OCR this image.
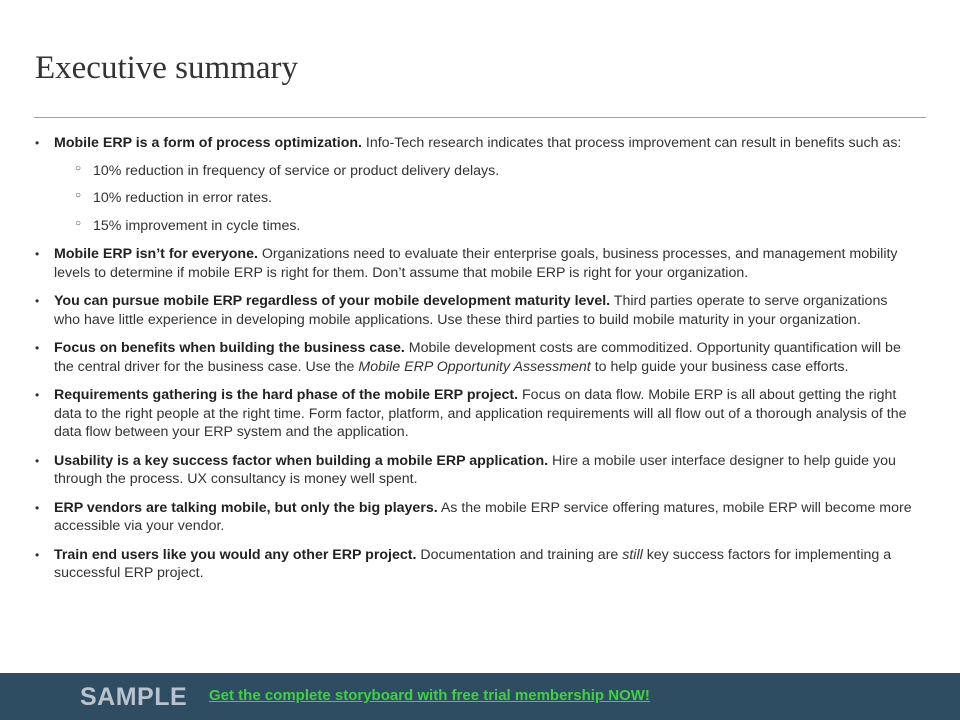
Executive summary
• Mobile ERP is a form of process optimization. Info-Tech research indicates that process improvement can result in benefits such as:
○ 10% reduction in frequency of service or product delivery delays.
○ 10% reduction in error rates.
○ 15% improvement in cycle times.
• Mobile ERP isn’t for everyone. Organizations need to evaluate their enterprise goals, business processes, and management mobility levels to determine if mobile ERP is right for them. Don’t assume that mobile ERP is right for your organization.
• You can pursue mobile ERP regardless of your mobile development maturity level. Third parties operate to serve organizations who have little experience in developing mobile applications. Use these third parties to build mobile maturity in your organization.
• Focus on benefits when building the business case. Mobile development costs are commoditized. Opportunity quantification will be the central driver for the business case. Use the Mobile ERP Opportunity Assessment to help guide your business case efforts.
• Requirements gathering is the hard phase of the mobile ERP project. Focus on data flow. Mobile ERP is all about getting the right data to the right people at the right time. Form factor, platform, and application requirements will all flow out of a thorough analysis of the data flow between your ERP system and the application.
• Usability is a key success factor when building a mobile ERP application. Hire a mobile user interface designer to help guide you through the process. UX consultancy is money well spent.
• ERP vendors are talking mobile, but only the big players. As the mobile ERP service offering matures, mobile ERP will become more accessible via your vendor.
• Train end users like you would any other ERP project. Documentation and training are still key success factors for implementing a successful ERP project.
SAMPLE Get the complete storyboard with free trial membership NOW!
